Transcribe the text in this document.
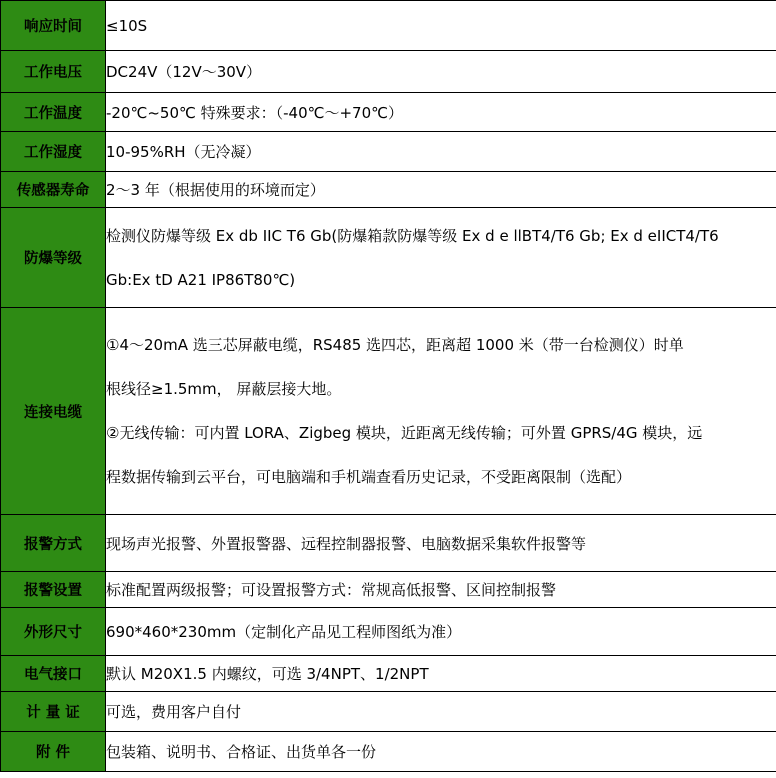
响应时间	≤10S
工作电压	DC24V（12V～30V）
工作温度	-20℃~50℃ 特殊要求：（-40℃～+70℃）
工作湿度	10-95%RH（无冷凝）
传感器寿命	2～3 年（根据使用的环境而定）
防爆等级	检测仪防爆等级 Ex db IIC T6 Gb(防爆箱款防爆等级 Ex d e llBT4/T6 Gb; Ex d eIICT4/T6
Gb:Ex tD A21 IP86T80℃)

连接电缆	①4～20mA 选三芯屏蔽电缆，RS485 选四芯，距离超 1000 米（带一台检测仪）时单
根线径≥1.5mm， 屏蔽层接大地。
②无线传输：可内置 LORA、Zigbeg 模块，近距离无线传输；可外置 GPRS/4G 模块，远
程数据传输到云平台，可电脑端和手机端查看历史记录，不受距离限制（选配）

报警方式	现场声光报警、外置报警器、远程控制器报警、电脑数据采集软件报警等
报警设置	标准配置两级报警；可设置报警方式：常规高低报警、区间控制报警
外形尺寸	690*460*230mm（定制化产品见工程师图纸为准）
电气接口	默认 M20X1.5 内螺纹，可选 3/4NPT、1/2NPT
计 量 证	可选，费用客户自付
附 件	包装箱、说明书、合格证、出货单各一份
